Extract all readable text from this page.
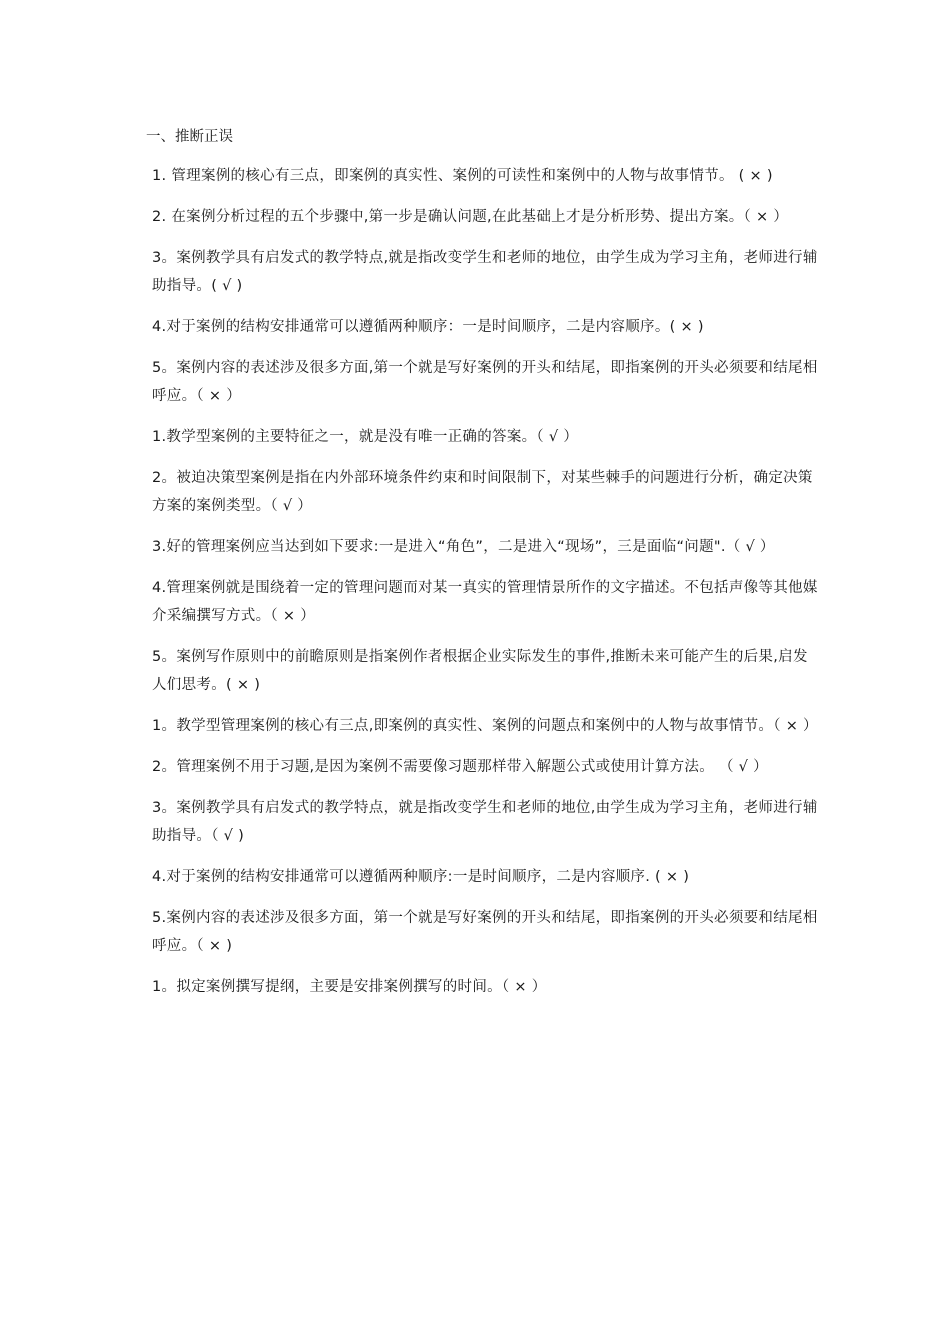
一、推断正误
1. 管理案例的核心有三点，即案例的真实性、案例的可读性和案例中的人物与故事情节。 ( × )
2. 在案例分析过程的五个步骤中,第一步是确认问题,在此基础上才是分析形势、提出方案。（ × ）
3。案例教学具有启发式的教学特点,就是指改变学生和老师的地位，由学生成为学习主角，老师进行辅助指导。( √ )
4.对于案例的结构安排通常可以遵循两种顺序：一是时间顺序，二是内容顺序。( × )
5。案例内容的表述涉及很多方面,第一个就是写好案例的开头和结尾，即指案例的开头必须要和结尾相呼应。（ × ）
1.教学型案例的主要特征之一，就是没有唯一正确的答案。（ √ ）
2。被迫决策型案例是指在内外部环境条件约束和时间限制下，对某些棘手的问题进行分析，确定决策方案的案例类型。（ √ ）
3.好的管理案例应当达到如下要求:一是进入“角色”，二是进入“现场”，三是面临“问题".（ √ ）
4.管理案例就是围绕着一定的管理问题而对某一真实的管理情景所作的文字描述。不包括声像等其他媒介采编撰写方式。（ × ）
5。案例写作原则中的前瞻原则是指案例作者根据企业实际发生的事件,推断未来可能产生的后果,启发人们思考。( × )
1。教学型管理案例的核心有三点,即案例的真实性、案例的问题点和案例中的人物与故事情节。（ × ）
2。管理案例不用于习题,是因为案例不需要像习题那样带入解题公式或使用计算方法。 （ √ ）
3。案例教学具有启发式的教学特点，就是指改变学生和老师的地位,由学生成为学习主角，老师进行辅助指导。（ √ )
4.对于案例的结构安排通常可以遵循两种顺序:一是时间顺序，二是内容顺序. ( × )
5.案例内容的表述涉及很多方面，第一个就是写好案例的开头和结尾，即指案例的开头必须要和结尾相呼应。（ × )
1。拟定案例撰写提纲，主要是安排案例撰写的时间。（ × ）
